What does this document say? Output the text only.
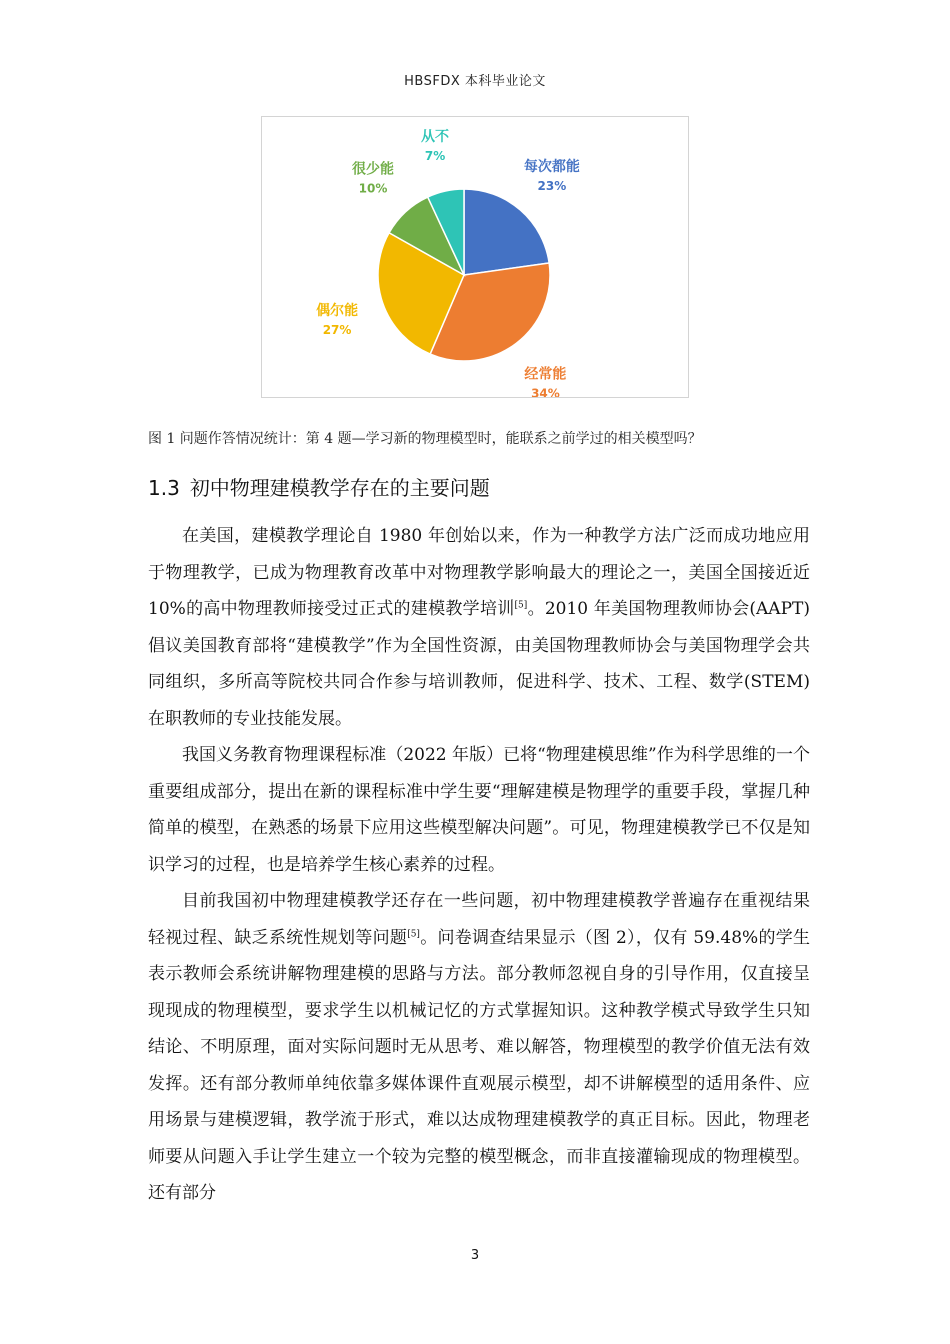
HBSFDX 本科毕业论文
每次都能
23%
经常能
34%
偶尔能
27%
很少能
10%
从不
7%
图 1 问题作答情况统计：第 4 题—学习新的物理模型时，能联系之前学过的相关模型吗？
1.3 初中物理建模教学存在的主要问题

在美国，建模教学理论自 1980 年创始以来，作为一种教学方法广泛而成功地应用于物理教学，已成为物理教育改革中对物理教学影响最大的理论之一，美国全国接近近 10%的高中物理教师接受过正式的建模教学培训[5]。2010 年美国物理教师协会(AAPT) 倡议美国教育部将“建模教学”作为全国性资源，由美国物理教师协会与美国物理学会共同组织，多所高等院校共同合作参与培训教师，促进科学、技术、工程、数学(STEM) 在职教师的专业技能发展。

我国义务教育物理课程标准（2022 年版）已将“物理建模思维”作为科学思维的一个重要组成部分，提出在新的课程标准中学生要“理解建模是物理学的重要手段，掌握几种简单的模型，在熟悉的场景下应用这些模型解决问题”。可见，物理建模教学已不仅是知识学习的过程，也是培养学生核心素养的过程。

目前我国初中物理建模教学还存在一些问题，初中物理建模教学普遍存在重视结果轻视过程、缺乏系统性规划等问题[5]。问卷调查结果显示（图 2），仅有 59.48%的学生表示教师会系统讲解物理建模的思路与方法。部分教师忽视自身的引导作用，仅直接呈现现成的物理模型，要求学生以机械记忆的方式掌握知识。这种教学模式导致学生只知结论、不明原理，面对实际问题时无从思考、难以解答，物理模型的教学价值无法有效发挥。还有部分教师单纯依靠多媒体课件直观展示模型，却不讲解模型的适用条件、应用场景与建模逻辑，教学流于形式，难以达成物理建模教学的真正目标。因此，物理老师要从问题入手让学生建立一个较为完整的模型概念，而非直接灌输现成的物理模型。还有部分

3
